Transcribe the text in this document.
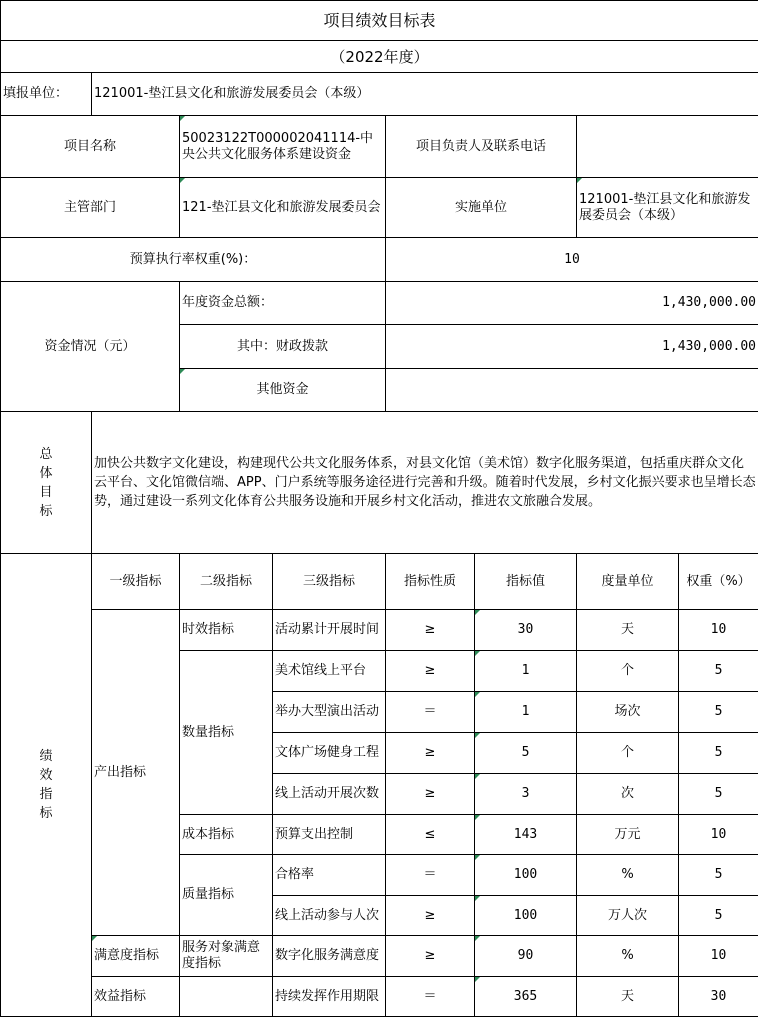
项目绩效目标表							
（2022年度）							
填报单位：	121001-垫江县文化和旅游发展委员会（本级）						
项目名称		50023122T000002041114-中央公共文化服务体系建设资金		项目负责人及联系电话			
主管部门		121-垫江县文化和旅游发展委员会		实施单位		121001-垫江县文化和旅游发展委员会（本级）	
预算执行率权重(%)：				10			
资金情况（元）		年度资金总额：		1,430,000.00			
		其中：财政拨款		1,430,000.00			
		其他资金					

总体目标	加快公共数字文化建设，构建现代公共文化服务体系，对县文化馆（美术馆）数字化服务渠道，包括重庆群众文化云平台、文化馆微信端、APP、门户系统等服务途径进行完善和升级。随着时代发展，乡村文化振兴要求也呈增长态势，通过建设一系列文化体育公共服务设施和开展乡村文化活动，推进农文旅融合发展。						

绩效指标	一级指标	二级指标	三级指标	指标性质	指标值	度量单位	权重（%）
	产出指标	时效指标	活动累计开展时间	≥	30	天	10
		数量指标	美术馆线上平台	≥	1	个	5
			举办大型演出活动	＝	1	场次	5
			文体广场健身工程	≥	5	个	5
			线上活动开展次数	≥	3	次	5
		成本指标	预算支出控制	≤	143	万元	10
		质量指标	合格率	＝	100	%	5
			线上活动参与人次	≥	100	万人次	5
	满意度指标	服务对象满意度指标	数字化服务满意度	≥	90	%	10
	效益指标		持续发挥作用期限	＝	365	天	30
